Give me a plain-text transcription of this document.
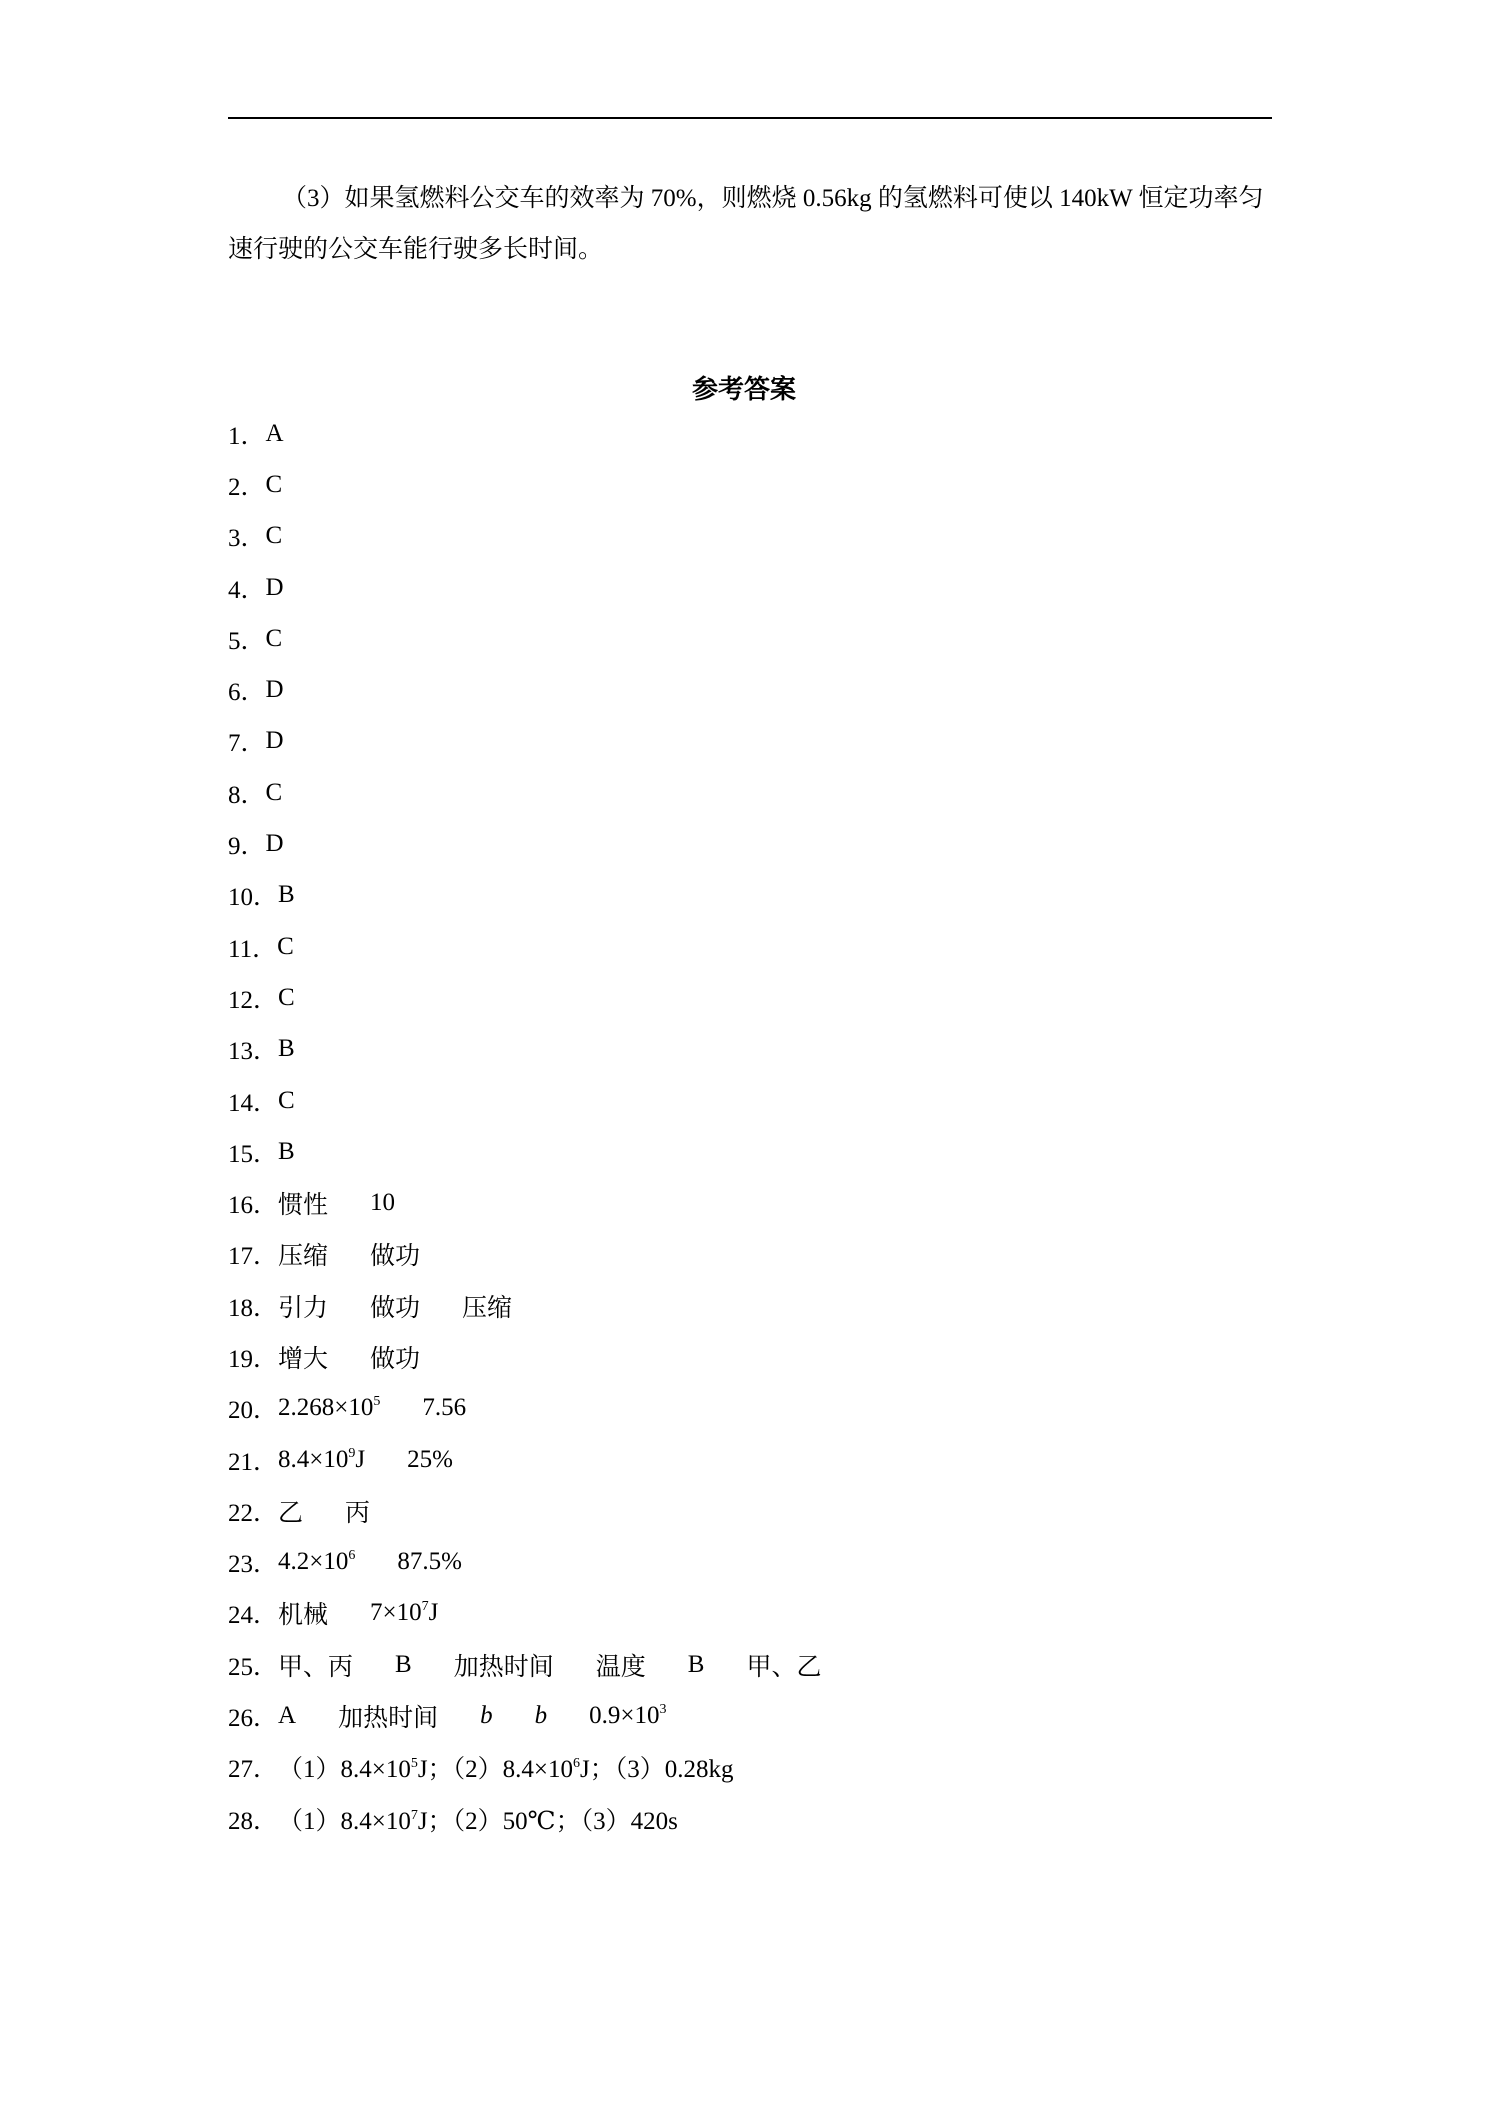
（3）如果氢燃料公交车的效率为 70%，则燃烧 0.56kg 的氢燃料可使以 140kW 恒定功率匀速行驶的公交车能行驶多长时间。

参考答案
1． A
2． C
3． C
4． D
5． C
6． D
7． D
8． C
9． D
10． B
11． C
12． C
13． B
14． C
15． B
16． 惯性 10
17． 压缩 做功
18． 引力 做功 压缩
19． 增大 做功
20． $2.268\times 10^5$ 7.56
21． $8.4\times 10^9J$ 25%
22． 乙 丙
23． $4.2\times 10^6$ 87.5%
24． 机械 $7\times 10^7J$
25． 甲、丙 B 加热时间 温度 B 甲、乙
26． A 加热时间 b b $0.9\times 10^3$
27． $(1)8.4\times 10^5J$；$(2)8.4\times 10^6J$；（3）0.28kg
28． $(1)8.4\times 10^7J$；（2）50℃；（3）420s
